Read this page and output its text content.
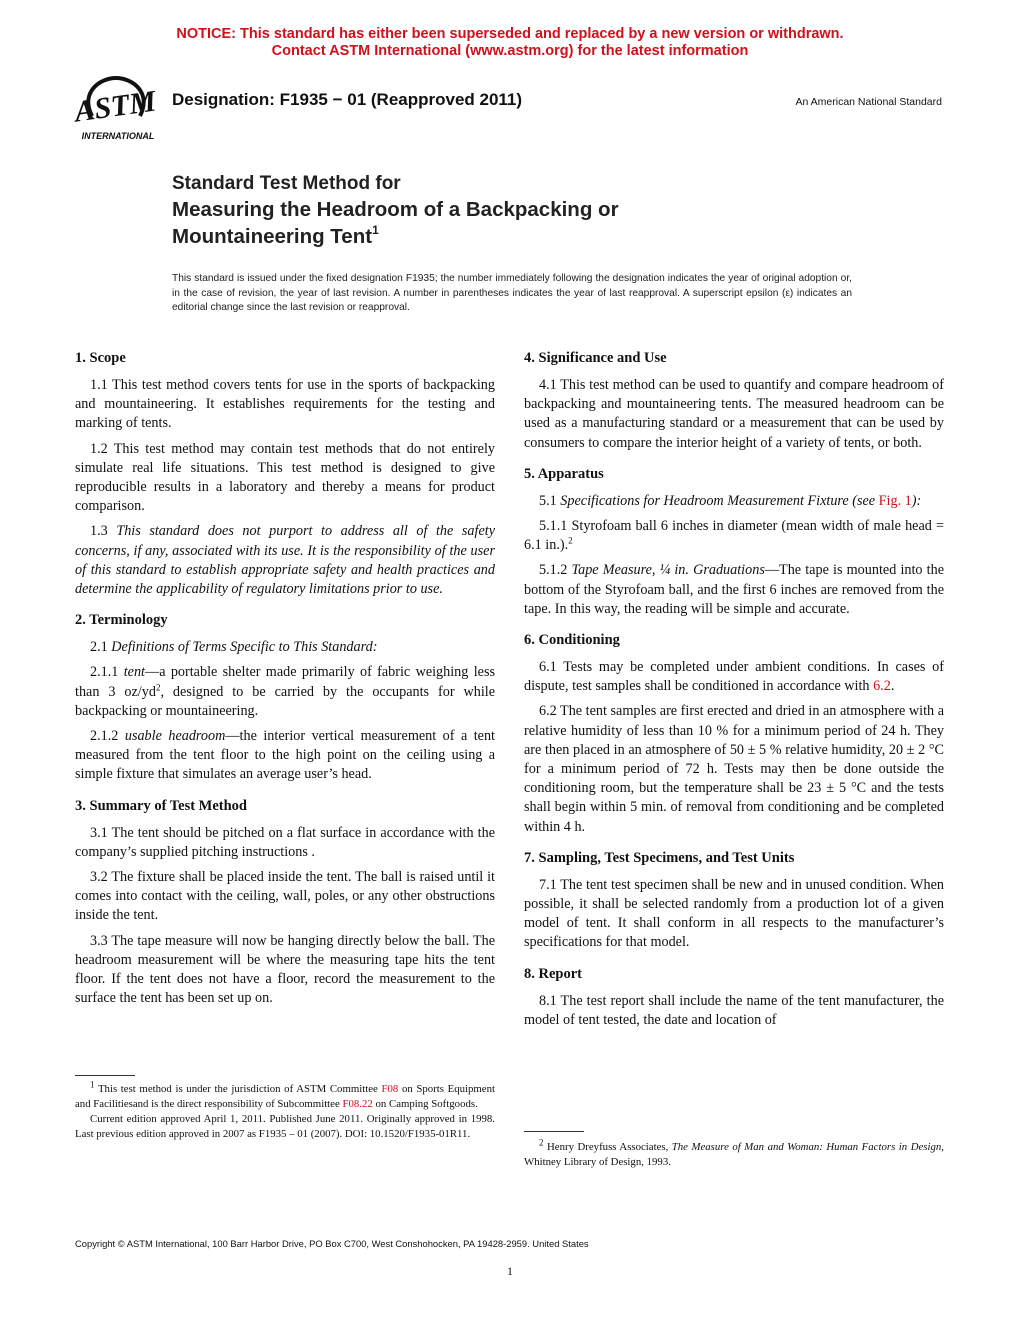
NOTICE: This standard has either been superseded and replaced by a new version or withdrawn.
Contact ASTM International (www.astm.org) for the latest information
ASTM
INTERNATIONAL
Designation: F1935 − 01 (Reapproved 2011)	An American National Standard
Standard Test Method for
Measuring the Headroom of a Backpacking or
Mountaineering Tent$^1$
This standard is issued under the fixed designation F1935; the number immediately following the designation indicates the year of original adoption or, in the case of revision, the year of last revision. A number in parentheses indicates the year of last reapproval. A superscript epsilon (ε) indicates an editorial change since the last revision or reapproval.
1. Scope

1.1 This test method covers tents for use in the sports of backpacking and mountaineering. It establishes requirements for the testing and marking of tents.

1.2 This test method may contain test methods that do not entirely simulate real life situations. This test method is designed to give reproducible results in a laboratory and thereby a means for product comparison.

1.3 This standard does not purport to address all of the safety concerns, if any, associated with its use. It is the responsibility of the user of this standard to establish appropriate safety and health practices and determine the applicability of regulatory limitations prior to use.

2. Terminology

2.1 Definitions of Terms Specific to This Standard:

2.1.1 tent—a portable shelter made primarily of fabric weighing less than 3 $oz/yd^2$, designed to be carried by the occupants for while backpacking or mountaineering.

2.1.2 usable headroom—the interior vertical measurement of a tent measured from the tent floor to the high point on the ceiling using a simple fixture that simulates an average user’s head.

3. Summary of Test Method

3.1 The tent should be pitched on a flat surface in accordance with the company’s supplied pitching instructions .

3.2 The fixture shall be placed inside the tent. The ball is raised until it comes into contact with the ceiling, wall, poles, or any other obstructions inside the tent.

3.3 The tape measure will now be hanging directly below the ball. The headroom measurement will be where the measuring tape hits the tent floor. If the tent does not have a floor, record the measurement to the surface the tent has been set up on.

$^1$ This test method is under the jurisdiction of ASTM Committee F08 on Sports Equipment and Facilitiesand is the direct responsibility of Subcommittee F08.22 on Camping Softgoods.

Current edition approved April 1, 2011. Published June 2011. Originally approved in 1998. Last previous edition approved in 2007 as F1935 – 01 (2007). DOI: 10.1520/F1935-01R11.

4. Significance and Use

4.1 This test method can be used to quantify and compare headroom of backpacking and mountaineering tents. The measured headroom can be used as a manufacturing standard or a measurement that can be used by consumers to compare the interior height of a variety of tents, or both.

5. Apparatus

5.1 Specifications for Headroom Measurement Fixture (see Fig. 1):

5.1.1 Styrofoam ball 6 inches in diameter (mean width of male head = 6.1 in.).$^2$

5.1.2 Tape Measure, ¼ in. Graduations—The tape is mounted into the bottom of the Styrofoam ball, and the first 6 inches are removed from the tape. In this way, the reading will be simple and accurate.

6. Conditioning

6.1 Tests may be completed under ambient conditions. In cases of dispute, test samples shall be conditioned in accordance with 6.2.

6.2 The tent samples are first erected and dried in an atmosphere with a relative humidity of less than 10 % for a minimum period of 24 h. They are then placed in an atmosphere of 50 ± 5 % relative humidity, 20 ± 2 °C for a minimum period of 72 h. Tests may then be done outside the conditioning room, but the temperature shall be 23 ± 5 °C and the tests shall begin within 5 min. of removal from conditioning and be completed within 4 h.

7. Sampling, Test Specimens, and Test Units

7.1 The tent test specimen shall be new and in unused condition. When possible, it shall be selected randomly from a production lot of a given model of tent. It shall conform in all respects to the manufacturer’s specifications for that model.

8. Report

8.1 The test report shall include the name of the tent manufacturer, the model of tent tested, the date and location of

$^2$ Henry Dreyfuss Associates, The Measure of Man and Woman: Human Factors in Design, Whitney Library of Design, 1993.

Copyright © ASTM International, 100 Barr Harbor Drive, PO Box C700, West Conshohocken, PA 19428-2959. United States
1
